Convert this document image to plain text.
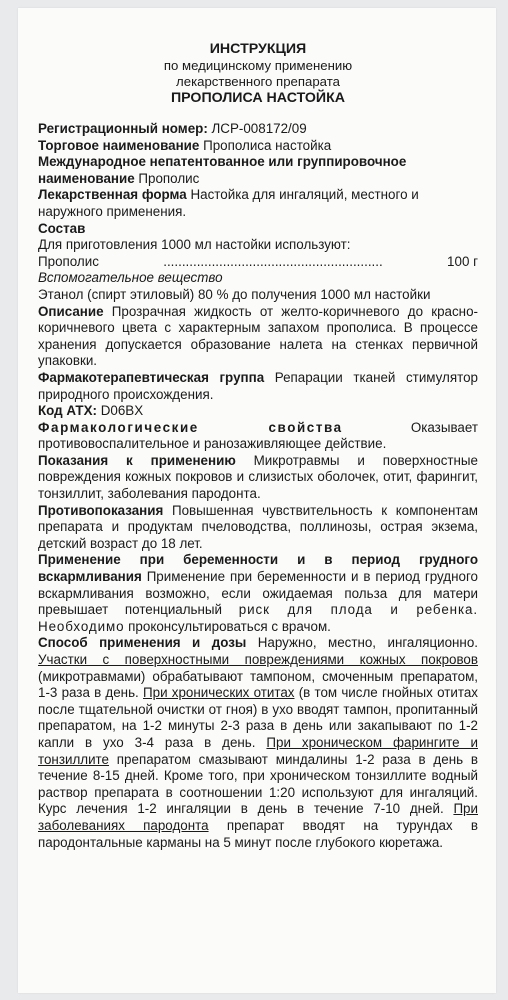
ИНСТРУКЦИЯ
по медицинскому применению
лекарственного препарата
ПРОПОЛИСА НАСТОЙКА

Регистрационный номер: ЛСР-008172/09

Торговое наименование Прополиса настойка

Международное непатентованное или группировочное наименование Прополис

Лекарственная форма Настойка для ингаляций, местного и наружного применения.

Состав

Для приготовления 1000 мл настойки используют:

Прополис	...........................................................	100 г

Вспомогательное вещество

Этанол (спирт этиловый) 80 % до получения 1000 мл настойки

Описание Прозрачная жидкость от желто-коричневого до красно-коричневого цвета с характерным запахом прополиса. В процессе хранения допускается образование налета на стенках первичной упаковки.

Фармакотерапевтическая группа Репарации тканей стимулятор природного происхождения.

Код АТХ: D06BX

Фармакологические свойства	Оказывает противовоспалительное и ранозаживляющее действие.

Показания к применению Микротравмы и поверхностные повреждения кожных покровов и слизистых оболочек, отит, фарингит, тонзиллит, заболевания пародонта.

Противопоказания Повышенная чувствительность к компонентам препарата и продуктам пчеловодства, поллинозы, острая экзема, детский возраст до 18 лет.

Применение при беременности и в период грудного вскармливания Применение при беременности и в период грудного вскармливания возможно, если ожидаемая польза для матери превышает потенциальный риск для плода и ребенка. Необходимо проконсультироваться с врачом.

Способ применения и дозы Наружно, местно, ингаляционно. Участки с поверхностными повреждениями кожных покровов (микротравмами) обрабатывают тампоном, смоченным препаратом, 1-3 раза в день. При хронических отитах (в том числе гнойных отитах после тщательной очистки от гноя) в ухо вводят тампон, пропитанный препаратом, на 1-2 минуты 2-3 раза в день или закапывают по 1-2 капли в ухо 3-4 раза в день. При хроническом фарингите и тонзиллите препаратом смазывают миндалины 1-2 раза в день в течение 8-15 дней. Кроме того, при хроническом тонзиллите водный раствор препарата в соотношении 1:20 используют для ингаляций. Курс лечения 1-2 ингаляции в день в течение 7-10 дней. При заболеваниях пародонта препарат вводят на турундах в пародонтальные карманы на 5 минут после глубокого кюретажа.
